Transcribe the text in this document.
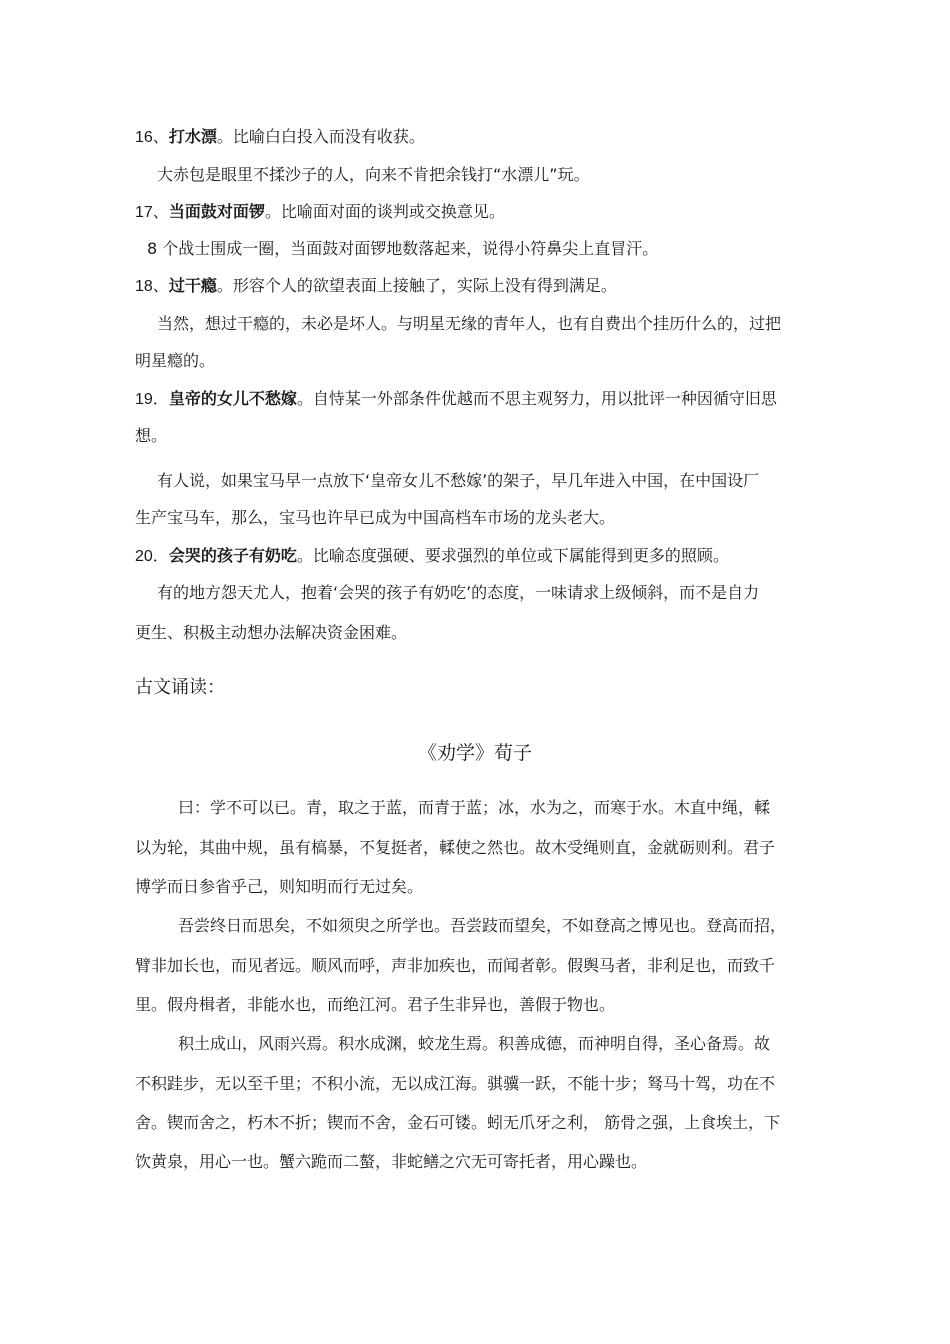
16、打水漂。比喻白白投入而没有收获。
大赤包是眼里不揉沙子的人，向来不肯把余钱打“水漂儿”玩。
17、当面鼓对面锣。比喻面对面的谈判或交换意见。
8 个战士围成一圈，当面鼓对面锣地数落起来，说得小符鼻尖上直冒汗。
18、过干瘾。形容个人的欲望表面上接触了，实际上没有得到满足。
当然，想过干瘾的，未必是坏人。与明星无缘的青年人，也有自费出个挂历什么的，过把
明星瘾的。
19．皇帝的女儿不愁嫁。自恃某一外部条件优越而不思主观努力，用以批评一种因循守旧思
想。
有人说，如果宝马早一点放下‘皇帝女儿不愁嫁’的架子，早几年进入中国，在中国设厂
生产宝马车，那么，宝马也许早已成为中国高档车市场的龙头老大。
20．会哭的孩子有奶吃。比喻态度强硬、要求强烈的单位或下属能得到更多的照顾。
有的地方怨天尤人，抱着‘会哭的孩子有奶吃’的态度，一味请求上级倾斜，而不是自力
更生、积极主动想办法解决资金困难。
古文诵读：
《劝学》荀子
曰：学不可以已。青，取之于蓝，而青于蓝；冰，水为之，而寒于水。木直中绳，輮
以为轮，其曲中规，虽有槁暴，不复挺者，輮使之然也。故木受绳则直，金就砺则利。君子
博学而日参省乎己，则知明而行无过矣。
吾尝终日而思矣，不如须臾之所学也。吾尝跂而望矣，不如登高之博见也。登高而招，
臂非加长也，而见者远。顺风而呼，声非加疾也，而闻者彰。假舆马者，非利足也，而致千
里。假舟楫者，非能水也，而绝江河。君子生非异也，善假于物也。
积土成山，风雨兴焉。积水成渊，蛟龙生焉。积善成德，而神明自得，圣心备焉。故
不积跬步，无以至千里；不积小流，无以成江海。骐骥一跃，不能十步；驽马十驾，功在不
舍。锲而舍之，朽木不折；锲而不舍，金石可镂。蚓无爪牙之利， 筋骨之强，上食埃土，下
饮黄泉，用心一也。蟹六跪而二螯，非蛇鳝之穴无可寄托者，用心躁也。
